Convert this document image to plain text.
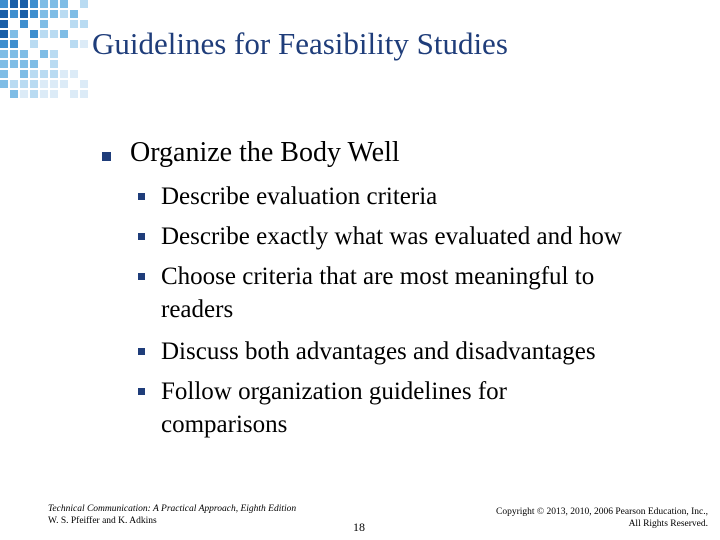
Guidelines for Feasibility Studies
Organize the Body Well
Describe evaluation criteria
Describe exactly what was evaluated and how
Choose criteria that are most meaningful to readers
Discuss both advantages and disadvantages
Follow organization guidelines for comparisons
Technical Communication: A Practical Approach, Eighth Edition
W. S. Pfeiffer and K. Adkins	18
Copyright © 2013, 2010, 2006 Pearson Education, Inc.,
All Rights Reserved.
